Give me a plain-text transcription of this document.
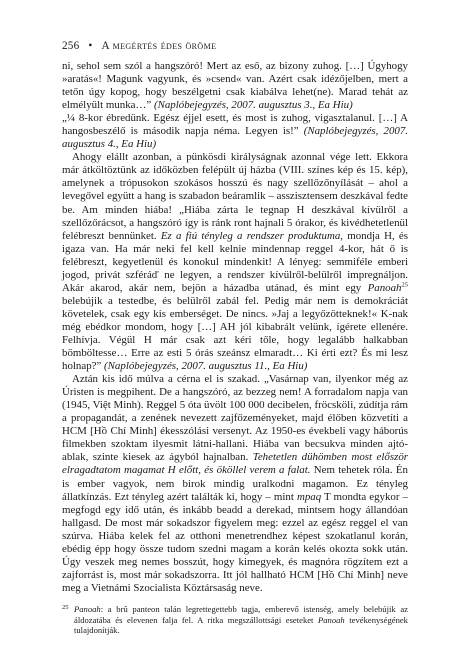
256 • A megértés édes öröme

ni, sehol sem szól a hangszóró! Mert az eső, az bizony zuhog. […] Úgyhogy »aratás«! Magunk vagyunk, és »csend« van. Azért csak idézőjelben, mert a tetőn úgy kopog, hogy beszélgetni csak kiabálva lehet(ne). Marad tehát az elmélyült munka…” (Naplóbejegyzés, 2007. augusztus 3., Ea Hiu)

„¼ 8-kor ébredünk. Egész éjjel esett, és most is zuhog, vigasztalanul. […] A hangosbeszélő is második napja néma. Legyen is!” (Naplóbejegyzés, 2007. augusztus 4., Ea Hiu)

Ahogy elállt azonban, a pünkösdi királyságnak azonnal vége lett. Ekkora már átköltöztünk az időközben felépült új házba (VIII. színes kép és 15. kép), amelynek a trópusokon szokásos hosszú és nagy szellőzőnyílását – ahol a levegővel együtt a hang is szabadon beáramlik – asszisztensem deszkával fedte be. Am minden hiába! „Hiába zárta le tegnap H deszkával kívülről a szellőzőrácsot, a hangszóró így is ránk ront hajnali 5 órakor, és kivédhetetlenül felébreszt bennünket. Ez a fiú tényleg a rendszer produktuma, mondja H, és igaza van. Ha már neki fel kell kelnie mindennap reggel 4-kor, hát ő is felébreszt, kegyetlenül és konokul mindenkit! A lényeg: semmiféle emberi jogod, privát szféráď ne legyen, a rendszer kívülről-belülről impregnáljon. Akár akarod, akár nem, bejön a házadba utánad, és mint egy Panoah$^{25}$ belebújik a testedbe, és belülről zabál fel. Pedig már nem is demokráciát követelek, csak egy kis emberséget. De nincs. »Jaj a legyőzötteknek!« K-nak még ebédkor mondom, hogy […] AH jól kibabrált velünk, ígérete ellenére. Felhívja. Végül H már csak azt kéri tőle, hogy legalább halkabban bömböltesse… Erre az esti 5 órás szeánsz elmaradt… Ki érti ezt? És mi lesz holnap?” (Naplóbejegyzés, 2007. augusztus 11., Ea Hiu)

Aztán kis idő múlva a cérna el is szakad. „Vasárnap van, ilyenkor még az Úristen is megpihent. De a hangszóró, az bezzeg nem! A forradalom napja van (1945, Việt Minh). Reggel 5 óta üvölt 100 000 decibelen, fröcsköli, zúdítja rám a propagandát, a zenének nevezett zajfőzeményeket, majd élőben közvetíti a HCM [Hồ Chí Minh] ékesszólási versenyt. Az 1950-es évekbeli vagy háborús filmekben szoktam ilyesmit látni-hallani. Hiába van becsukva minden ajtó-ablak, szinte kiesek az ágyból hajnalban. Tehetetlen dühömben most először elragadtatom magamat H előtt, és ököllel verem a falat. Nem tehetek róla. Én is ember vagyok, nem birok mindig uralkodni magamon. Ez tényleg állatkínzás. Ezt tényleg azért találták ki, hogy – mint mpaq T mondta egykor – megfogd egy idő után, és inkább beadd a derekad, mintsem hogy állandóan hallgasd. De most már sokadszor figyelem meg: ezzel az egész reggel el van szúrva. Hiába kelek fel az otthoni menetrendhez képest szokatlanul korán, ebédig épp hogy össze tudom szedni magam a korán kelés okozta sokk után. Úgy veszek meg nemes bosszút, hogy kimegyek, és magnóra rögzítem ezt a zajforrást is, most már sokadszorra. Itt jól hallható HCM [Hồ Chí Minh] neve meg a Vietnámi Szocialista Köztársaság neve.

25 Panoah: a brû panteon talán legrettegettebb tagja, emberevő istenség, amely belebújik az áldozatába és elevenen falja fel. A ritka megszállottsági eseteket Panoah tevékenységének tulajdonítják.
